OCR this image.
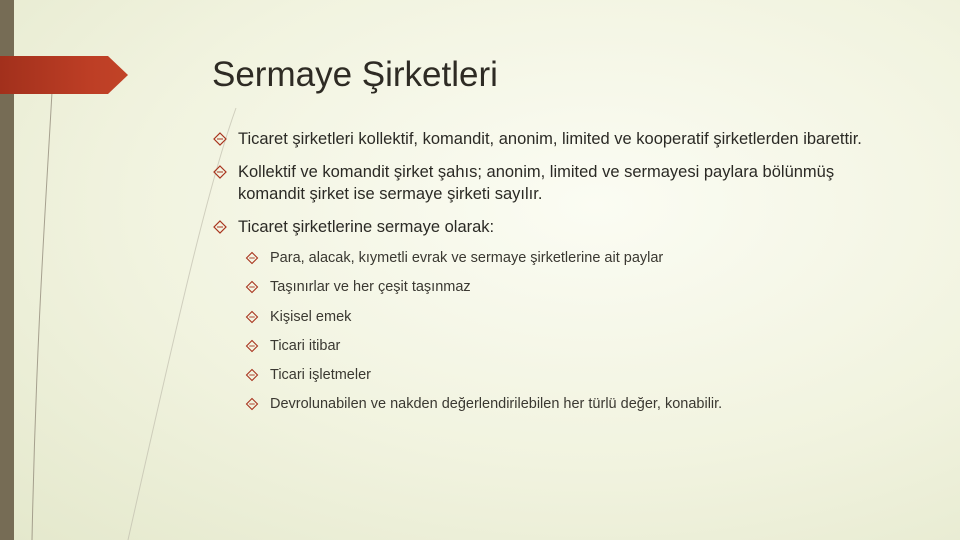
Sermaye Şirketleri
Ticaret şirketleri kollektif, komandit, anonim, limited ve kooperatif şirketlerden ibarettir.
Kollektif ve komandit şirket şahıs; anonim, limited ve sermayesi paylara bölünmüş komandit şirket ise sermaye şirketi sayılır.
Ticaret şirketlerine sermaye olarak:
Para, alacak, kıymetli evrak ve sermaye şirketlerine ait paylar
Taşınırlar ve her çeşit taşınmaz
Kişisel emek
Ticari itibar
Ticari işletmeler
Devrolunabilen ve nakden değerlendirilebilen her türlü değer, konabilir.
